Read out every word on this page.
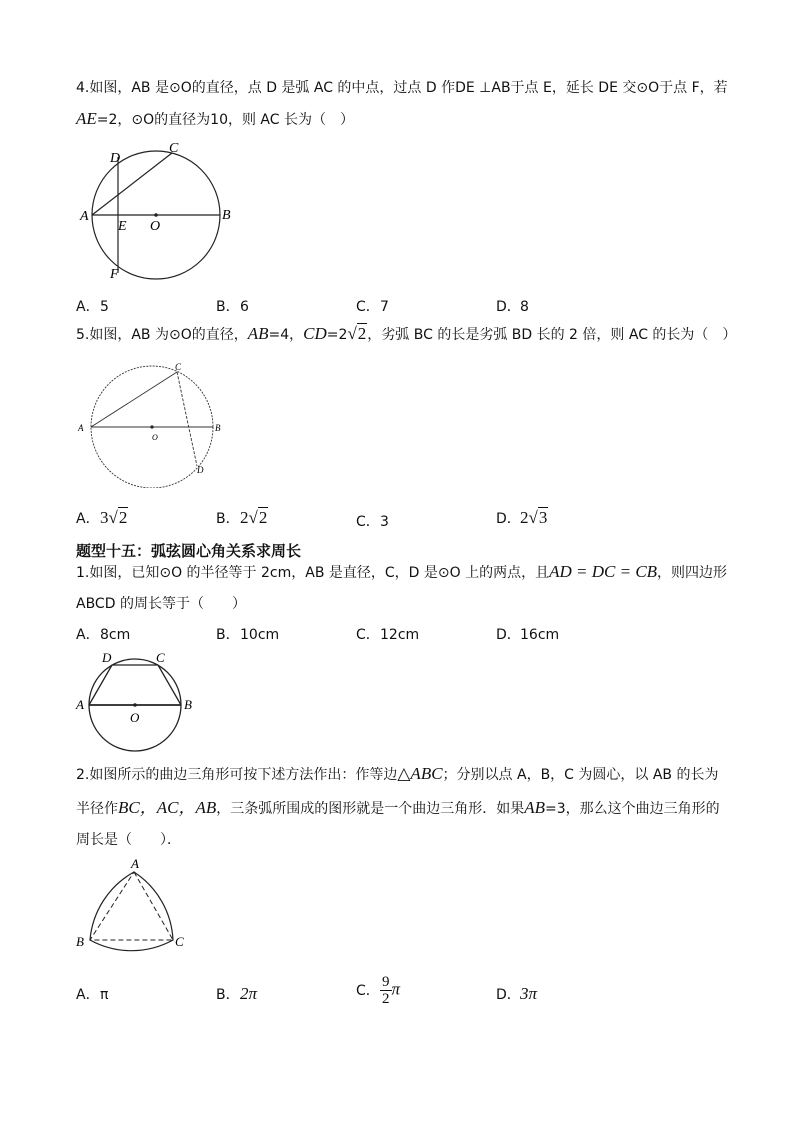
4.如图，AB 是⊙O的直径，点 D 是弧 AC 的中点，过点 D 作DE ⊥AB于点 E，延长 DE 交⊙O于点 F，若
AE=2，⊙O的直径为10，则 AC 长为（　）
D
C
A
E O
B
F
A．5	B．6	C．7	D．8
5.如图，AB 为⊙O的直径，AB=4，CD=2√2，劣弧 BC 的长是劣弧 BD 长的 2 倍，则 AC 的长为（　）
A	B
C
D
O
A．3√2	B．2√2	C．3	D．2√3
题型十五：弧弦圆心角关系求周长
1.如图，已知⊙O 的半径等于 2cm，AB 是直径，C，D 是⊙O 上的两点，且AD = DC = CB，则四边形
ABCD 的周长等于（　　）
A．8cm	B．10cm	C．12cm	D．16cm
D	C
A	B
O
2.如图所示的曲边三角形可按下述方法作出：作等边△ABC；分别以点 A，B，C 为圆心，以 AB 的长为
半径作BC，AC，AB，三条弧所围成的图形就是一个曲边三角形．如果AB=3，那么这个曲边三角形的
周长是（　　）．
A
B	C
A．π	B．2π	C． $\frac{9}{2}$ π	D．3π
